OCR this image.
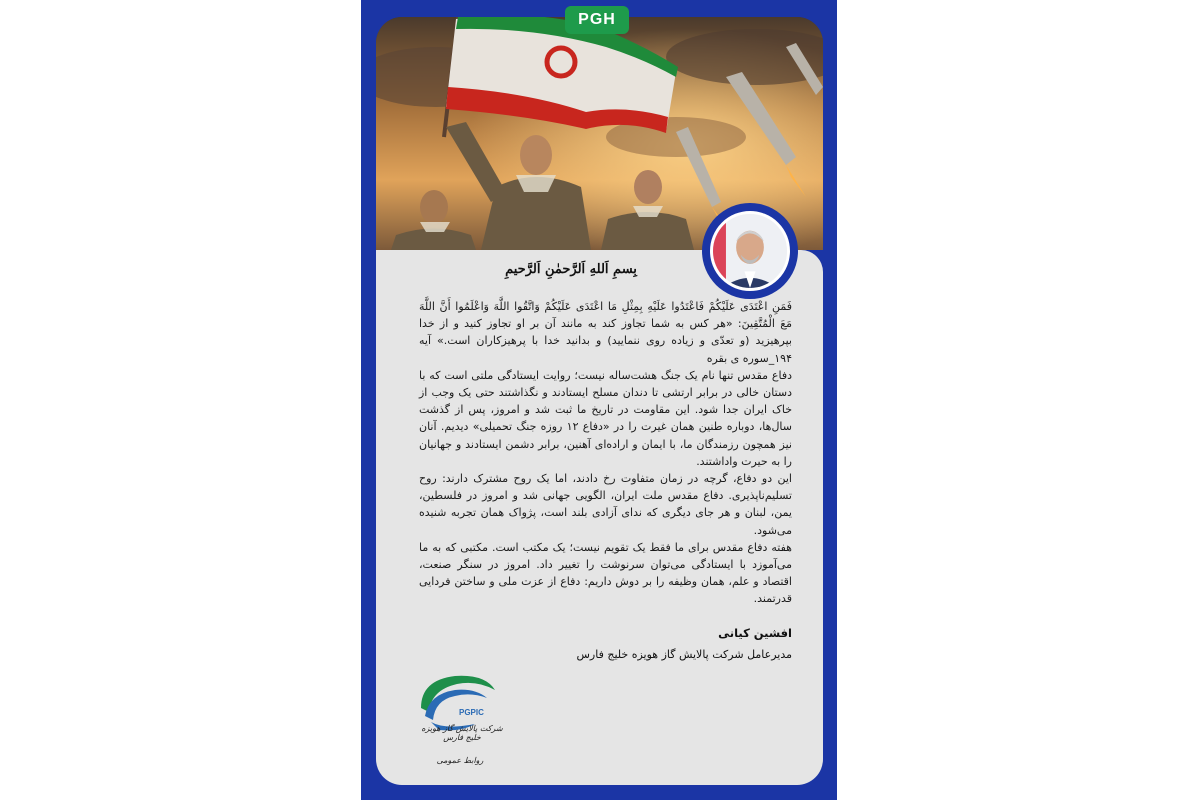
PGH
بِسمِ اَللهِ اَلرَّحمٰنِ اَلرَّحیمِ

فَمَنِ اعْتَدَى عَلَيْكُمْ فَاعْتَدُوا عَلَيْهِ بِمِثْلِ مَا اعْتَدَى عَلَيْكُمْ وَاتَّقُوا اللَّهَ وَاعْلَمُوا أَنَّ اللَّهَ مَعَ الْمُتَّقِينَ: «هر کس به شما تجاوز کند به مانند آن بر او تجاوز کنید و از خدا بپرهیزید (و تعدّی و زیاده روی ننمایید) و بدانید خدا با پرهیزکاران است.» آیه ۱۹۴_سوره ی بقره

دفاع مقدس تنها نام یک جنگ هشت‌ساله نیست؛ روایت ایستادگی ملتی است که با دستان خالی در برابر ارتشی تا دندان مسلح ایستادند و نگذاشتند حتی یک وجب از خاک ایران جدا شود. این مقاومت در تاریخ ما ثبت شد و امروز، پس از گذشت سال‌ها، دوباره طنین همان غیرت را در «دفاع ۱۲ روزه جنگ تحمیلی» دیدیم. آنان نیز همچون رزمندگان ما، با ایمان و اراده‌ای آهنین، برابر دشمن ایستادند و جهانیان را به حیرت واداشتند.

این دو دفاع، گرچه در زمان متفاوت رخ دادند، اما یک روح مشترک دارند: روح تسلیم‌ناپذیری. دفاع مقدس ملت ایران، الگویی جهانی شد و امروز در فلسطین، یمن، لبنان و هر جای دیگری که ندای آزادی بلند است، پژواک همان تجربه شنیده می‌شود.

هفته دفاع مقدس برای ما فقط یک تقویم نیست؛ یک مکتب است. مکتبی که به ما می‌آموزد با ایستادگی می‌توان سرنوشت را تغییر داد. امروز در سنگر صنعت، اقتصاد و علم، همان وظیفه را بر دوش داریم: دفاع از عزت ملی و ساختن فردایی قدرتمند.

افشین کیانی
مدیرعامل شرکت پالایش گاز هویزه خلیج فارس
PGPIC
شرکت پالایش گاز هویزه خلیج فارس
روابط عمومی
